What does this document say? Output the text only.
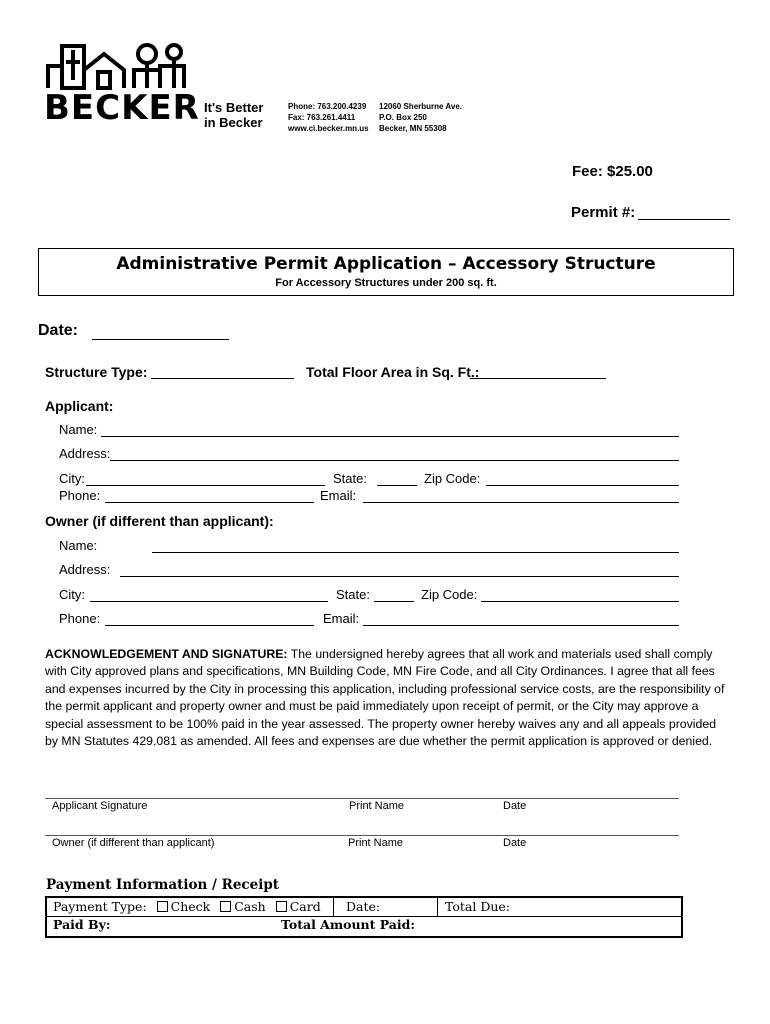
BECKER It's Better
in Becker
Phone: 763.200.4239
Fax: 763.261.4411
www.ci.becker.mn.us
12060 Sherburne Ave.
P.O. Box 250
Becker, MN 55308
Fee: $25.00
Permit #:
Administrative Permit Application – Accessory Structure
For Accessory Structures under 200 sq. ft.
Date:
Structure Type:	Total Floor Area in Sq. Ft.:
Applicant:
Name:
Address:
City:	State:	Zip Code:
Phone:	Email:
Owner (if different than applicant):
Name:
Address:
City:	State:	Zip Code:
Phone:	Email:
ACKNOWLEDGEMENT AND SIGNATURE: The undersigned hereby agrees that all work and materials used shall comply with City approved plans and specifications, MN Building Code, MN Fire Code, and all City Ordinances. I agree that all fees and expenses incurred by the City in processing this application, including professional service costs, are the responsibility of the permit applicant and property owner and must be paid immediately upon receipt of permit, or the City may approve a special assessment to be 100% paid in the year assessed. The property owner hereby waives any and all appeals provided by MN Statutes 429.081 as amended. All fees and expenses are due whether the permit application is approved or denied.
Applicant Signature	Print Name	Date
Owner (if different than applicant)	Print Name	Date
Payment Information / Receipt
Payment Type: Check Cash Card Date:	Total Due:
Paid By:	Total Amount Paid:
